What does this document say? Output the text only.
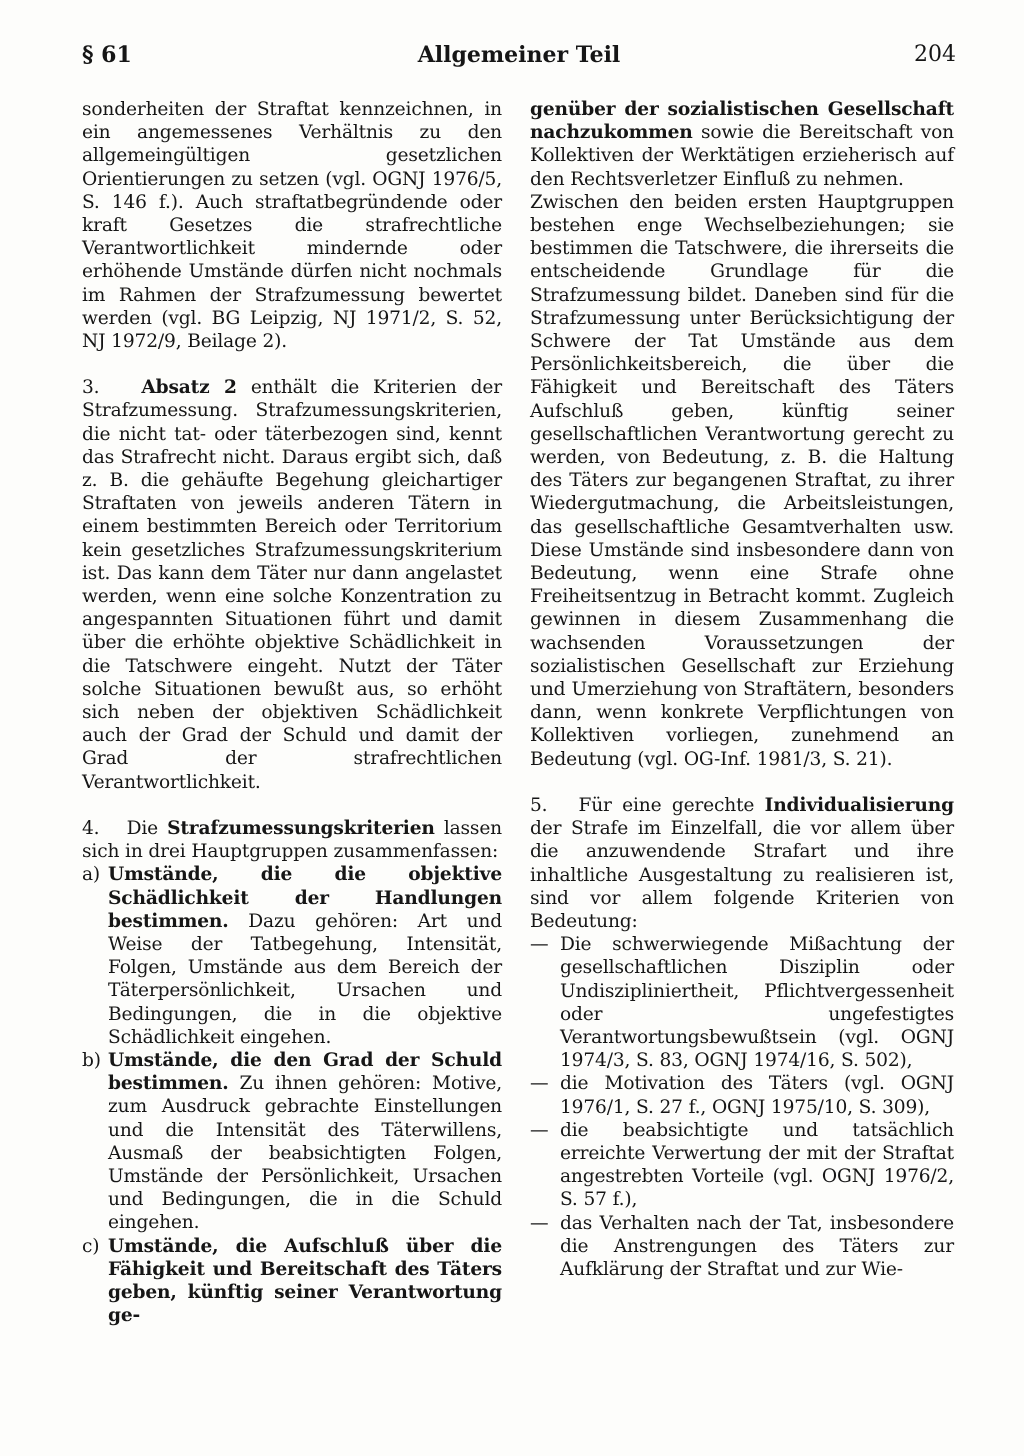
§ 61	Allgemeiner Teil	204

sonderheiten der Straftat kennzeichnen, in ein angemessenes Verhältnis zu den allgemeingültigen gesetzlichen Orientierungen zu setzen (vgl. OGNJ 1976/5, S. 146 f.). Auch straftatbegründende oder kraft Gesetzes die strafrechtliche Verantwortlichkeit mindernde oder erhöhende Umstände dürfen nicht nochmals im Rahmen der Strafzumessung bewertet werden (vgl. BG Leipzig, NJ 1971/2, S. 52, NJ 1972/9, Beilage 2).

3. Absatz 2 enthält die Kriterien der Strafzumessung. Strafzumessungskriterien, die nicht tat- oder täterbezogen sind, kennt das Strafrecht nicht. Daraus ergibt sich, daß z. B. die gehäufte Begehung gleichartiger Straftaten von jeweils anderen Tätern in einem bestimmten Bereich oder Territorium kein gesetzliches Strafzumessungskriterium ist. Das kann dem Täter nur dann angelastet werden, wenn eine solche Konzentration zu angespannten Situationen führt und damit über die erhöhte objektive Schädlichkeit in die Tatschwere eingeht. Nutzt der Täter solche Situationen bewußt aus, so erhöht sich neben der objektiven Schädlichkeit auch der Grad der Schuld und damit der Grad der strafrechtlichen Verantwortlichkeit.

4. Die Strafzumessungskriterien lassen sich in drei Hauptgruppen zusammenfassen:

a) Umstände, die die objektive Schädlichkeit der Handlungen bestimmen. Dazu gehören: Art und Weise der Tatbegehung, Intensität, Folgen, Umstände aus dem Bereich der Täterpersönlichkeit, Ursachen und Bedingungen, die in die objektive Schädlichkeit eingehen.
b) Umstände, die den Grad der Schuld bestimmen. Zu ihnen gehören: Motive, zum Ausdruck gebrachte Einstellungen und die Intensität des Täterwillens, Ausmaß der beabsichtigten Folgen, Umstände der Persönlichkeit, Ursachen und Bedingungen, die in die Schuld eingehen.
c) Umstände, die Aufschluß über die Fähigkeit und Bereitschaft des Täters geben, künftig seiner Verantwortung ge-

genüber der sozialistischen Gesellschaft nachzukommen sowie die Bereitschaft von Kollektiven der Werktätigen erzieherisch auf den Rechtsverletzer Einfluß zu nehmen.

Zwischen den beiden ersten Hauptgruppen bestehen enge Wechselbeziehungen; sie bestimmen die Tatschwere, die ihrerseits die entscheidende Grundlage für die Strafzumessung bildet. Daneben sind für die Strafzumessung unter Berücksichtigung der Schwere der Tat Umstände aus dem Persönlichkeitsbereich, die über die Fähigkeit und Bereitschaft des Täters Aufschluß geben, künftig seiner gesellschaftlichen Verantwortung gerecht zu werden, von Bedeutung, z. B. die Haltung des Täters zur begangenen Straftat, zu ihrer Wiedergutmachung, die Arbeitsleistungen, das gesellschaftliche Gesamtverhalten usw. Diese Umstände sind insbesondere dann von Bedeutung, wenn eine Strafe ohne Freiheitsentzug in Betracht kommt. Zugleich gewinnen in diesem Zusammenhang die wachsenden Voraussetzungen der sozialistischen Gesellschaft zur Erziehung und Umerziehung von Straftätern, besonders dann, wenn konkrete Verpflichtungen von Kollektiven vorliegen, zunehmend an Bedeutung (vgl. OG-Inf. 1981/3, S. 21).

5. Für eine gerechte Individualisierung der Strafe im Einzelfall, die vor allem über die anzuwendende Strafart und ihre inhaltliche Ausgestaltung zu realisieren ist, sind vor allem folgende Kriterien von Bedeutung:

— Die schwerwiegende Mißachtung der gesellschaftlichen Disziplin oder Undiszipliniertheit, Pflichtvergessenheit oder ungefestigtes Verantwortungsbewußtsein (vgl. OGNJ 1974/3, S. 83, OGNJ 1974/16, S. 502),
— die Motivation des Täters (vgl. OGNJ 1976/1, S. 27 f., OGNJ 1975/10, S. 309),
— die beabsichtigte und tatsächlich erreichte Verwertung der mit der Straftat angestrebten Vorteile (vgl. OGNJ 1976/2, S. 57 f.),
— das Verhalten nach der Tat, insbesondere die Anstrengungen des Täters zur Aufklärung der Straftat und zur Wie-
